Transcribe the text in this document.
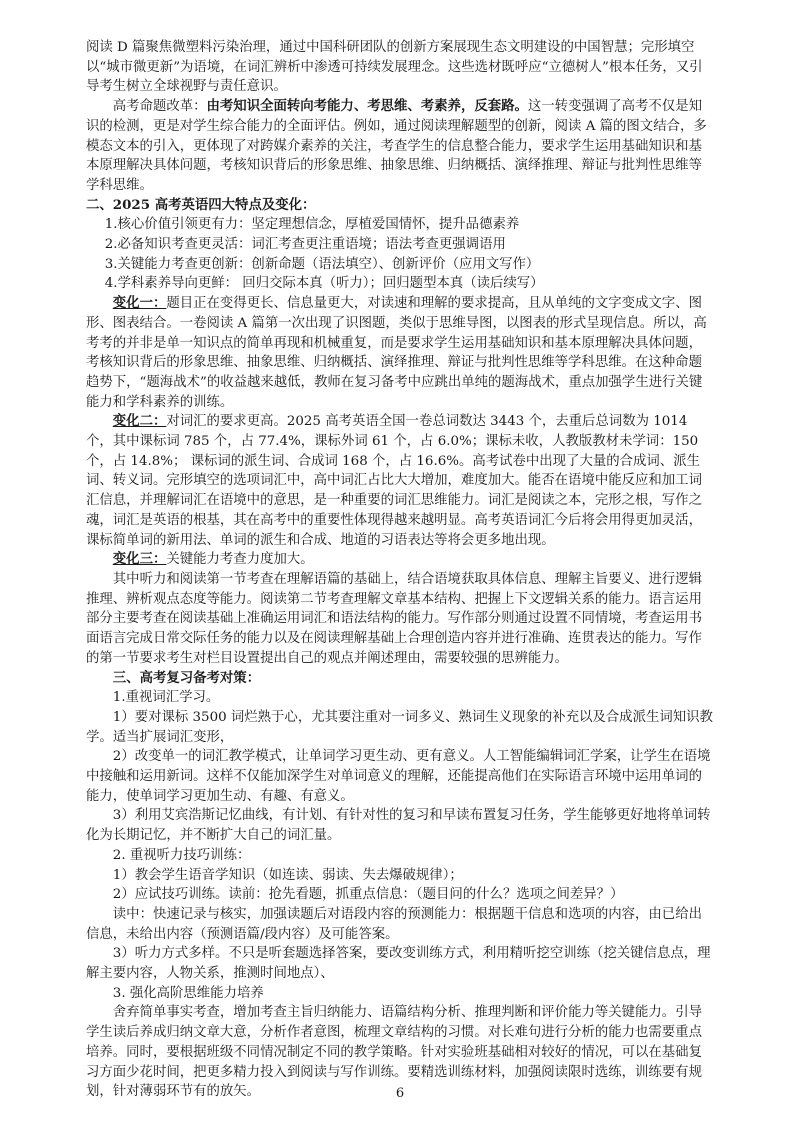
阅读 D 篇聚焦微塑料污染治理，通过中国科研团队的创新方案展现生态文明建设的中国智慧；完形填空以“城市微更新”为语境，在词汇辨析中渗透可持续发展理念。这些选材既呼应“立德树人”根本任务，又引导考生树立全球视野与责任意识。

高考命题改革：由考知识全面转向考能力、考思维、考素养，反套路。这一转变强调了高考不仅是知识的检测，更是对学生综合能力的全面评估。例如，通过阅读理解题型的创新，阅读 A 篇的图文结合，多模态文本的引入，更体现了对跨媒介素养的关注，考查学生的信息整合能力，要求学生运用基础知识和基本原理解决具体问题，考核知识背后的形象思维、抽象思维、归纳概括、演绎推理、辩证与批判性思维等学科思维。

二、2025 高考英语四大特点及变化：

1.核心价值引领更有力：坚定理想信念，厚植爱国情怀，提升品德素养

2.必备知识考查更灵活：词汇考查更注重语境；语法考查更强调语用

3.关键能力考查更创新：创新命题（语法填空）、创新评价（应用文写作）

4.学科素养导向更鲜： 回归交际本真（听力）；回归题型本真（读后续写）

变化一：题目正在变得更长、信息量更大，对读速和理解的要求提高，且从单纯的文字变成文字、图形、图表结合。一卷阅读 A 篇第一次出现了识图题，类似于思维导图，以图表的形式呈现信息。所以，高考考的并非是单一知识点的简单再现和机械重复，而是要求学生运用基础知识和基本原理解决具体问题，考核知识背后的形象思维、抽象思维、归纳概括、演绎推理、辩证与批判性思维等学科思维。在这种命题趋势下，“题海战术”的收益越来越低，教师在复习备考中应跳出单纯的题海战术，重点加强学生进行关键能力和学科素养的训练。

变化二：对词汇的要求更高。2025 高考英语全国一卷总词数达 3443 个，去重后总词数为 1014 个，其中课标词 785 个，占 77.4%，课标外词 61 个，占 6.0%；课标未收，人教版教材未学词：150 个，占 14.8%； 课标词的派生词、合成词 168 个，占 16.6%。高考试卷中出现了大量的合成词、派生词、转义词。完形填空的选项词汇中，高中词汇占比大大增加，难度加大。能否在语境中能反应和加工词汇信息，并理解词汇在语境中的意思，是一种重要的词汇思维能力。词汇是阅读之本，完形之根，写作之魂，词汇是英语的根基，其在高考中的重要性体现得越来越明显。高考英语词汇今后将会用得更加灵活，课标简单词的新用法、单词的派生和合成、地道的习语表达等将会更多地出现。

变化三：关键能力考查力度加大。

其中听力和阅读第一节考查在理解语篇的基础上，结合语境获取具体信息、理解主旨要义、进行逻辑推理、辨析观点态度等能力。阅读第二节考查理解文章基本结构、把握上下文逻辑关系的能力。语言运用部分主要考查在阅读基础上准确运用词汇和语法结构的能力。写作部分则通过设置不同情境，考查运用书面语言完成日常交际任务的能力以及在阅读理解基础上合理创造内容并进行准确、连贯表达的能力。写作的第一节要求考生对栏目设置提出自己的观点并阐述理由，需要较强的思辨能力。

三、高考复习备考对策：

1.重视词汇学习。

1）要对课标 3500 词烂熟于心，尤其要注重对一词多义、熟词生义现象的补充以及合成派生词知识教学。适当扩展词汇变形，

2）改变单一的词汇教学模式，让单词学习更生动、更有意义。人工智能编辑词汇学案，让学生在语境中接触和运用新词。这样不仅能加深学生对单词意义的理解，还能提高他们在实际语言环境中运用单词的能力，使单词学习更加生动、有趣、有意义。

3）利用艾宾浩斯记忆曲线，有计划、有针对性的复习和早读布置复习任务，学生能够更好地将单词转化为长期记忆，并不断扩大自己的词汇量。

2. 重视听力技巧训练：

1）教会学生语音学知识（如连读、弱读、失去爆破规律）；

2）应试技巧训练。读前：抢先看题，抓重点信息：（题目问的什么？选项之间差异？）

读中：快速记录与核实，加强读题后对语段内容的预测能力：根据题干信息和选项的内容，由已给出信息，未给出内容（预测语篇/段内容）及可能答案。

3）听力方式多样。不只是听套题选择答案，要改变训练方式，利用精听挖空训练（挖关键信息点，理解主要内容，人物关系，推测时间地点）、

3. 强化高阶思维能力培养

舍弃简单事实考查，增加考查主旨归纳能力、语篇结构分析、推理判断和评价能力等关键能力。引导学生读后养成归纳文章大意，分析作者意图，梳理文章结构的习惯。对长难句进行分析的能力也需要重点培养。同时，要根据班级不同情况制定不同的教学策略。针对实验班基础相对较好的情况，可以在基础复习方面少花时间，把更多精力投入到阅读与写作训练。要精选训练材料，加强阅读限时选练，训练要有规划，针对薄弱环节有的放矢。	6
